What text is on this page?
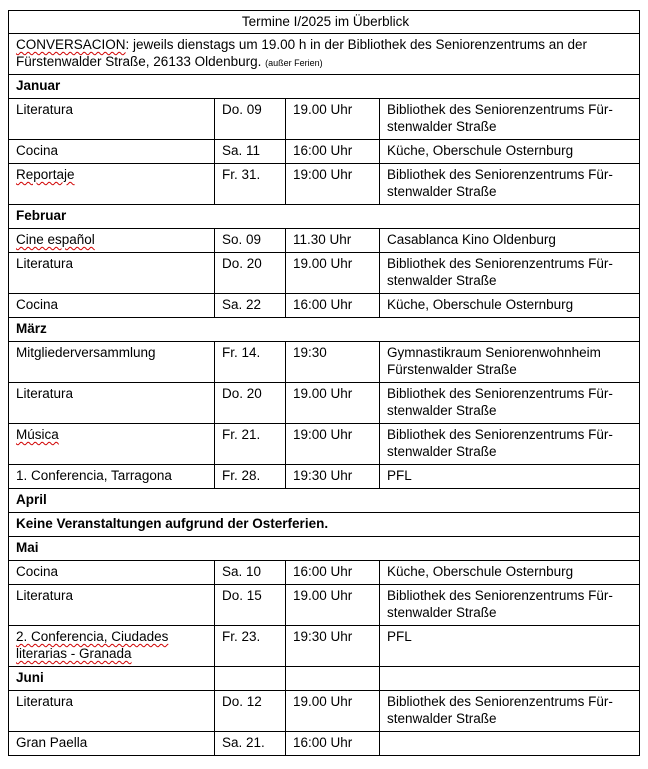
Termine I/2025 im Überblick			
CONVERSACION: jeweils dienstags um 19.00 h in der Bibliothek des Seniorenzentrums an der Fürstenwalder Straße, 26133 Oldenburg. (außer Ferien)			
Januar			
Literatura	Do. 09	19.00 Uhr	Bibliothek des Seniorenzentrums Für-stenwalder Straße
Cocina	Sa. 11	16:00 Uhr	Küche, Oberschule Osternburg
Reportaje	Fr. 31.	19:00 Uhr	Bibliothek des Seniorenzentrums Für-stenwalder Straße
Februar			
Cine español	So. 09	11.30 Uhr	Casablanca Kino Oldenburg
Literatura	Do. 20	19.00 Uhr	Bibliothek des Seniorenzentrums Für-stenwalder Straße
Cocina	Sa. 22	16:00 Uhr	Küche, Oberschule Osternburg
März			
Mitgliederversammlung	Fr. 14.	19:30	Gymnastikraum Seniorenwohnheim Fürstenwalder Straße
Literatura	Do. 20	19.00 Uhr	Bibliothek des Seniorenzentrums Für-stenwalder Straße
Música	Fr. 21.	19:00 Uhr	Bibliothek des Seniorenzentrums Für-stenwalder Straße
1. Conferencia, Tarragona	Fr. 28.	19:30 Uhr	PFL
April			
Keine Veranstaltungen aufgrund der Osterferien.			
Mai			
Cocina	Sa. 10	16:00 Uhr	Küche, Oberschule Osternburg
Literatura	Do. 15	19.00 Uhr	Bibliothek des Seniorenzentrums Für-stenwalder Straße
2. Conferencia, Ciudades literarias - Granada	Fr. 23.	19:30 Uhr	PFL
Juni			
Literatura	Do. 12	19.00 Uhr	Bibliothek des Seniorenzentrums Für-stenwalder Straße
Gran Paella	Sa. 21.	16:00 Uhr	
